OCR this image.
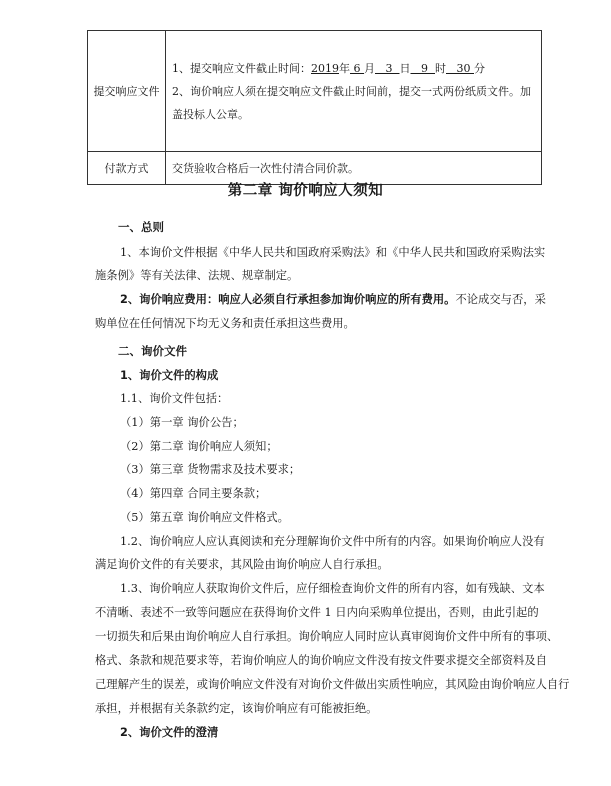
提交响应文件	1、提交响应文件截止时间：2019年 6 月 3 日 9 时 30 分
2、询价响应人须在提交响应文件截止时间前，提交一式两份纸质文件。加
盖投标人公章。

付款方式	交货验收合格后一次性付清合同价款。
第二章 询价响应人须知
一、总则
1、本询价文件根据《中华人民共和国政府采购法》和《中华人民共和国政府采购法实
施条例》等有关法律、法规、规章制定。
2、询价响应费用：响应人必须自行承担参加询价响应的所有费用。不论成交与否，采
购单位在任何情况下均无义务和责任承担这些费用。
二、询价文件
1、询价文件的构成
1.1、询价文件包括：
（1）第一章 询价公告；
（2）第二章 询价响应人须知；
（3）第三章 货物需求及技术要求；
（4）第四章 合同主要条款；
（5）第五章 询价响应文件格式。
1.2、询价响应人应认真阅读和充分理解询价文件中所有的内容。如果询价响应人没有
满足询价文件的有关要求，其风险由询价响应人自行承担。
1.3、询价响应人获取询价文件后，应仔细检查询价文件的所有内容，如有残缺、文本
不清晰、表述不一致等问题应在获得询价文件 1 日内向采购单位提出，否则，由此引起的
一切损失和后果由询价响应人自行承担。询价响应人同时应认真审阅询价文件中所有的事项、
格式、条款和规范要求等，若询价响应人的询价响应文件没有按文件要求提交全部资料及自
己理解产生的误差，或询价响应文件没有对询价文件做出实质性响应，其风险由询价响应人自行
承担，并根据有关条款约定，该询价响应有可能被拒绝。
2、询价文件的澄清
